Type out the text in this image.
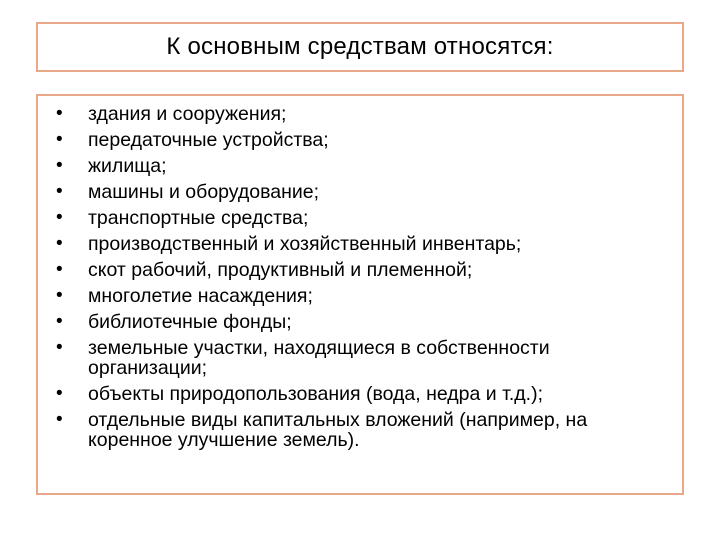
К основным средствам относятся:
• здания и сооружения;
• передаточные устройства;
• жилища;
• машины и оборудование;
• транспортные средства;
• производственный и хозяйственный инвентарь;
• скот рабочий, продуктивный и племенной;
• многолетие насаждения;
• библиотечные фонды;
• земельные участки, находящиеся в собственности организации;
• объекты природопользования (вода, недра и т.д.);
• отдельные виды капитальных вложений (например, на коренное улучшение земель).
